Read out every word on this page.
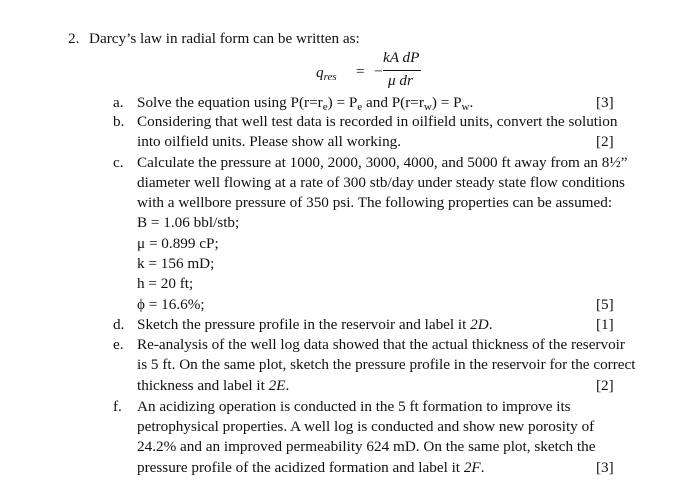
2. Darcy’s law in radial form can be written as:
$q_{res}$ = −
kA dP
μ dr
a. Solve the equation using $P(r=r_e) = P_e$ and $P(r=r_w) = P_w$.	[3]
b. Considering that well test data is recorded in oilfield units, convert the solution
into oilfield units. Please show all working.	[2]
c. Calculate the pressure at 1000, 2000, 3000, 4000, and 5000 ft away from an 8½”
diameter well flowing at a rate of 300 stb/day under steady state flow conditions
with a wellbore pressure of 350 psi. The following properties can be assumed:
B = 1.06 bbl/stb;
μ = 0.899 cP;
k = 156 mD;
h = 20 ft;
ϕ = 16.6%;	[5]
d. Sketch the pressure profile in the reservoir and label it 2D.	[1]
e. Re-analysis of the well log data showed that the actual thickness of the reservoir
is 5 ft. On the same plot, sketch the pressure profile in the reservoir for the correct
thickness and label it 2E.	[2]
f. An acidizing operation is conducted in the 5 ft formation to improve its
petrophysical properties. A well log is conducted and show new porosity of
24.2% and an improved permeability 624 mD. On the same plot, sketch the
pressure profile of the acidized formation and label it 2F.	[3]
